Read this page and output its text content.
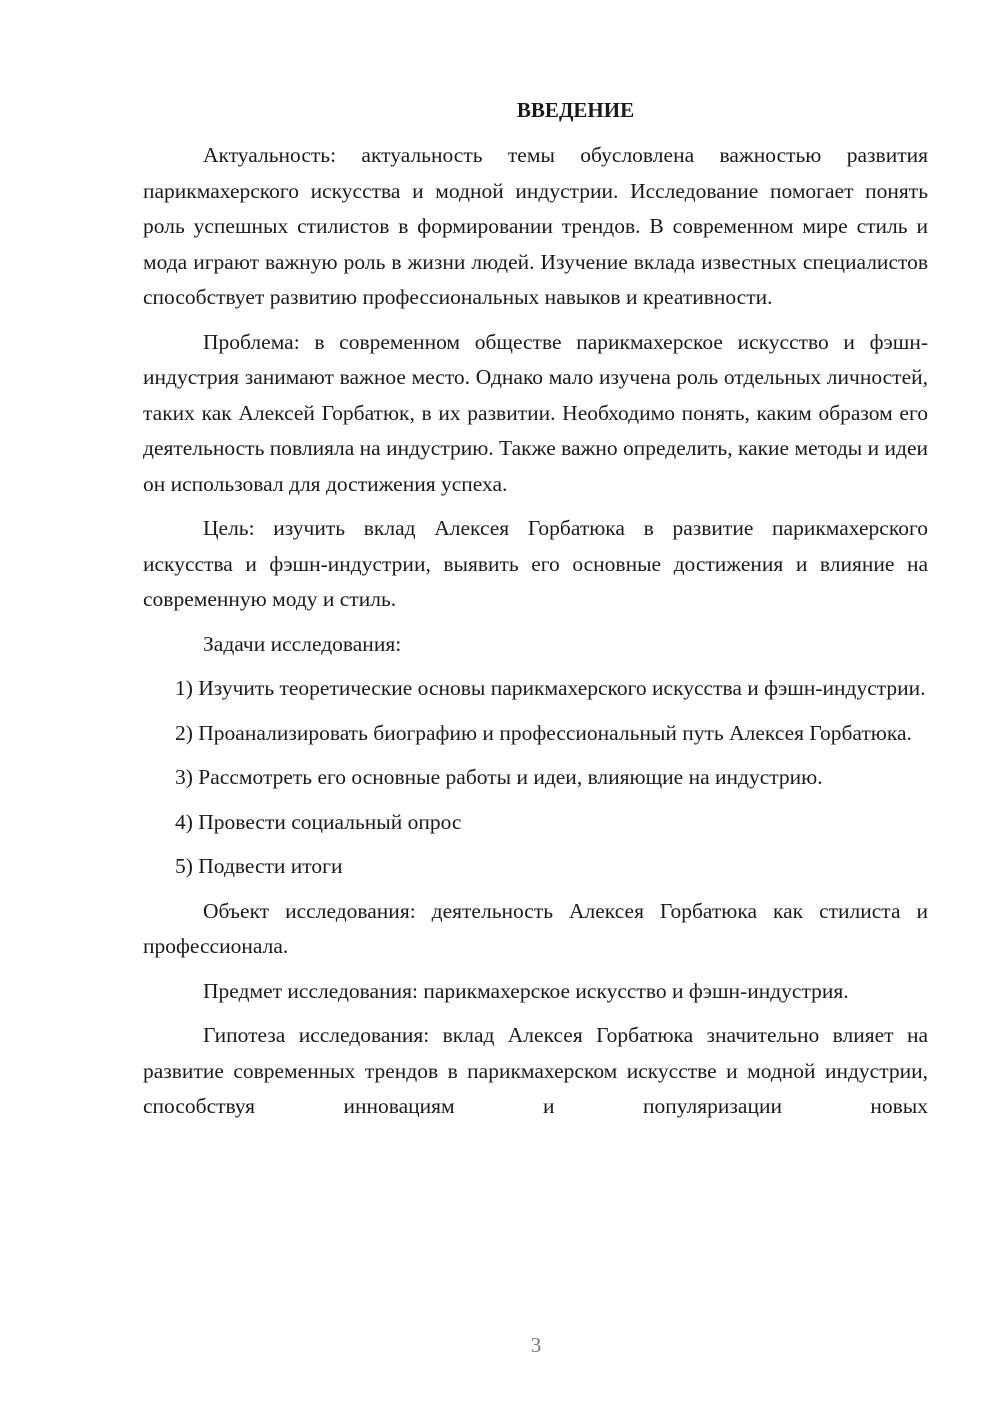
ВВЕДЕНИЕ

Актуальность: актуальность темы обусловлена важностью развития парикмахерского искусства и модной индустрии. Исследование помогает понять роль успешных стилистов в формировании трендов. В современном мире стиль и мода играют важную роль в жизни людей. Изучение вклада известных специалистов способствует развитию профессиональных навыков и креативности.

Проблема: в современном обществе парикмахерское искусство и фэшн-индустрия занимают важное место. Однако мало изучена роль отдельных личностей, таких как Алексей Горбатюк, в их развитии. Необходимо понять, каким образом его деятельность повлияла на индустрию. Также важно определить, какие методы и идеи он использовал для достижения успеха.

Цель: изучить вклад Алексея Горбатюка в развитие парикмахерского искусства и фэшн-индустрии, выявить его основные достижения и влияние на современную моду и стиль.

Задачи исследования:

1) Изучить теоретические основы парикмахерского искусства и фэшн-индустрии.

2) Проанализировать биографию и профессиональный путь Алексея Горбатюка.

3) Рассмотреть его основные работы и идеи, влияющие на индустрию.

4) Провести социальный опрос

5) Подвести итоги

Объект исследования: деятельность Алексея Горбатюка как стилиста и профессионала.

Предмет исследования: парикмахерское искусство и фэшн-индустрия.

Гипотеза исследования: вклад Алексея Горбатюка значительно влияет на развитие современных трендов в парикмахерском искусстве и модной индустрии, способствуя инновациям и популяризации новых

3
